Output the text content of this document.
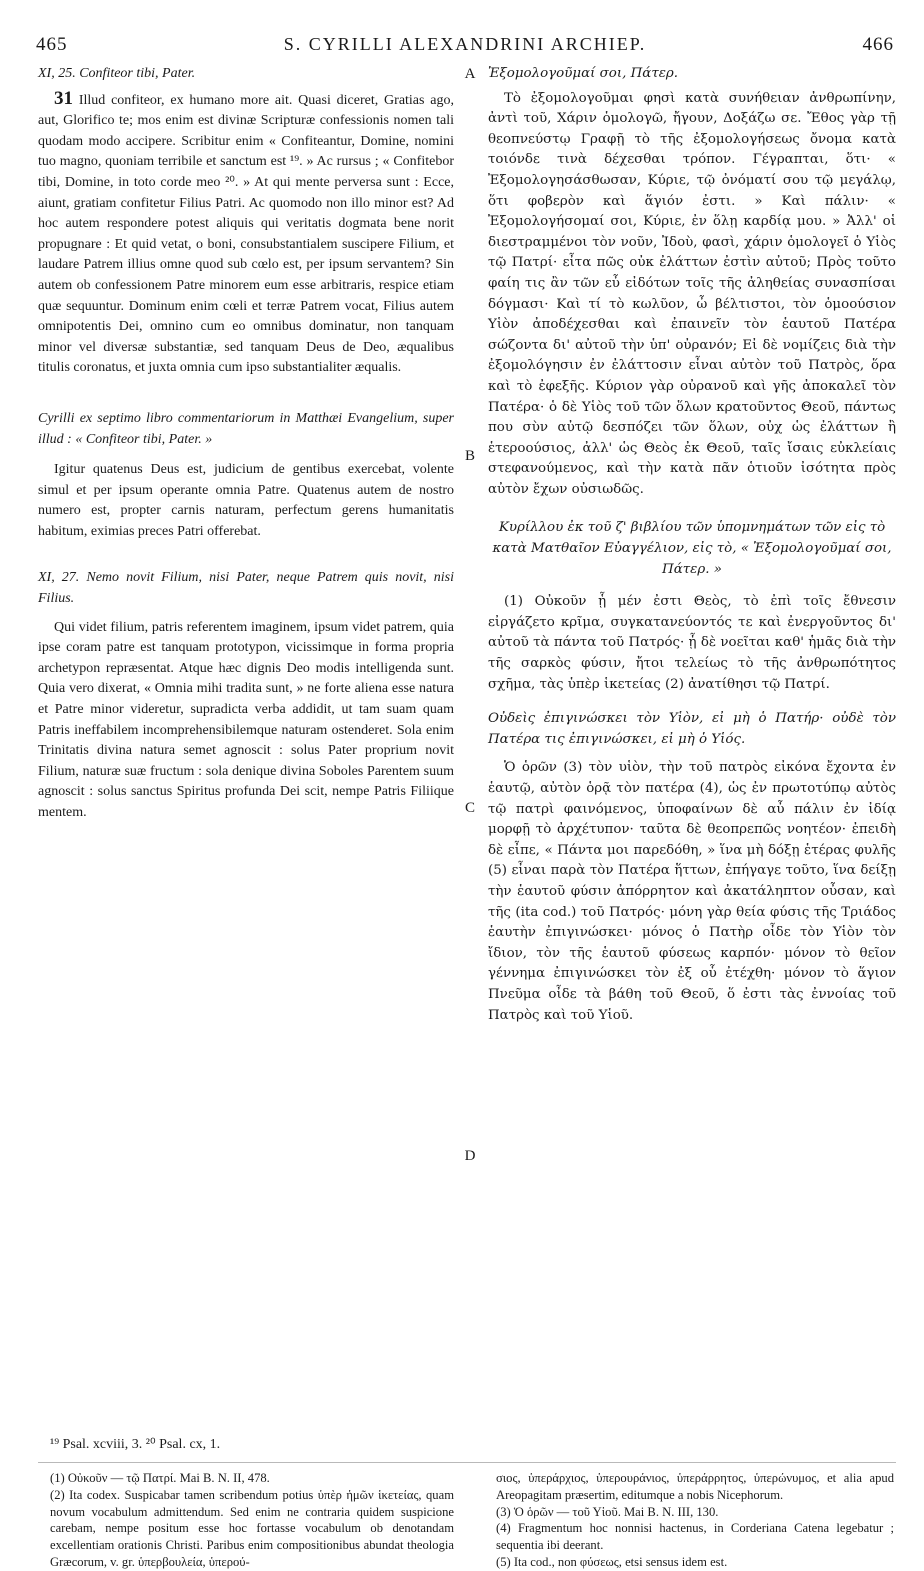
465	S. CYRILLI ALEXANDRINI ARCHIEP.	466

XI, 25. Confiteor tibi, Pater.

31 Illud confiteor, ex humano more ait. Quasi diceret, Gratias ago, aut, Glorifico te; mos enim est divinæ Scripturæ confessionis nomen tali quodam modo accipere. Scribitur enim « Confiteantur, Domine, nomini tuo magno, quoniam terribile et sanctum est ¹⁹. » Ac rursus ; « Confitebor tibi, Domine, in toto corde meo ²⁰. » At qui mente perversa sunt : Ecce, aiunt, gratiam confitetur Filius Patri. Ac quomodo non illo minor est? Ad hoc autem respondere potest aliquis qui veritatis dogmata bene norit propugnare : Et quid vetat, o boni, consubstantialem suscipere Filium, et laudare Patrem illius omne quod sub cœlo est, per ipsum servantem? Sin autem ob confessionem Patre minorem eum esse arbitraris, respice etiam quæ sequuntur. Dominum enim cœli et terræ Patrem vocat, Filius autem omnipotentis Dei, omnino cum eo omnibus dominatur, non tanquam minor vel diversæ substantiæ, sed tanquam Deus de Deo, æqualibus titulis coronatus, et juxta omnia cum ipso substantialiter æqualis.

Cyrilli ex septimo libro commentariorum in Matthæi Evangelium, super illud : « Confiteor tibi, Pater. »

Igitur quatenus Deus est, judicium de gentibus exercebat, volente simul et per ipsum operante omnia Patre. Quatenus autem de nostro numero est, propter carnis naturam, perfectum gerens humanitatis habitum, eximias preces Patri offerebat.

XI, 27. Nemo novit Filium, nisi Pater, neque Patrem quis novit, nisi Filius.

Qui videt filium, patris referentem imaginem, ipsum videt patrem, quia ipse coram patre est tanquam prototypon, vicissimque in forma propria archetypon repræsentat. Atque hæc dignis Deo modis intelligenda sunt. Quia vero dixerat, « Omnia mihi tradita sunt, » ne forte aliena esse natura et Patre minor videretur, supradicta verba addidit, ut tam suam quam Patris ineffabilem incomprehensibilemque naturam ostenderet. Sola enim Trinitatis divina natura semet agnoscit : solus Pater proprium novit Filium, naturæ suæ fructum : sola denique divina Soboles Parentem suum agnoscit : solus sanctus Spiritus profunda Dei scit, nempe Patris Filiique mentem.

A
B
C
D

Ἐξομολογοῦμαί σοι, Πάτερ.

Τὸ ἐξομολογοῦμαι φησὶ κατὰ συνήθειαν ἀνθρωπίνην, ἀντὶ τοῦ, Χάριν ὁμολογῶ, ἤγουν, Δοξάζω σε. Ἔθος γὰρ τῇ θεοπνεύστῳ Γραφῇ τὸ τῆς ἐξομολογήσεως ὄνομα κατὰ τοιόνδε τινὰ δέχεσθαι τρόπον. Γέγραπται, ὅτι· « Ἐξομολογησάσθωσαν, Κύριε, τῷ ὀνόματί σου τῷ μεγάλῳ, ὅτι φοβερὸν καὶ ἅγιόν ἐστι. » Καὶ πάλιν· « Ἐξομολογήσομαί σοι, Κύριε, ἐν ὅλῃ καρδίᾳ μου. » Ἀλλ' οἱ διεστραμμένοι τὸν νοῦν, Ἰδοὺ, φασὶ, χάριν ὁμολογεῖ ὁ Υἱὸς τῷ Πατρί· εἶτα πῶς οὐκ ἐλάττων ἐστὶν αὐτοῦ; Πρὸς τοῦτο φαίη τις ἂν τῶν εὖ εἰδότων τοῖς τῆς ἀληθείας συνασπίσαι δόγμασι· Καὶ τί τὸ κωλῦον, ὦ βέλτιστοι, τὸν ὁμοούσιον Υἱὸν ἀποδέχεσθαι καὶ ἐπαινεῖν τὸν ἑαυτοῦ Πατέρα σώζοντα δι' αὐτοῦ τὴν ὑπ' οὐρανόν; Εἰ δὲ νομίζεις διὰ τὴν ἐξομολόγησιν ἐν ἐλάττοσιν εἶναι αὐτὸν τοῦ Πατρὸς, ὅρα καὶ τὸ ἐφεξῆς. Κύριον γὰρ οὐρανοῦ καὶ γῆς ἀποκαλεῖ τὸν Πατέρα· ὁ δὲ Υἱὸς τοῦ τῶν ὅλων κρατοῦντος Θεοῦ, πάντως που σὺν αὐτῷ δεσπόζει τῶν ὅλων, οὐχ ὡς ἐλάττων ἢ ἑτεροούσιος, ἀλλ' ὡς Θεὸς ἐκ Θεοῦ, ταῖς ἴσαις εὐκλείαις στεφανούμενος, καὶ τὴν κατὰ πᾶν ὁτιοῦν ἰσότητα πρὸς αὐτὸν ἔχων οὐσιωδῶς.

Κυρίλλου ἐκ τοῦ ζ' βιβλίου τῶν ὑπομνημάτων τῶν εἰς τὸ κατὰ Ματθαῖον Εὐαγγέλιον, εἰς τὸ, « Ἐξομολογοῦμαί σοι, Πάτερ. »

(1) Οὐκοῦν ᾗ μέν ἐστι Θεὸς, τὸ ἐπὶ τοῖς ἔθνεσιν εἰργάζετο κρῖμα, συγκατανεύοντός τε καὶ ἐνεργοῦντος δι' αὐτοῦ τὰ πάντα τοῦ Πατρός· ᾗ δὲ νοεῖται καθ' ἡμᾶς διὰ τὴν τῆς σαρκὸς φύσιν, ἤτοι τελείως τὸ τῆς ἀνθρωπότητος σχῆμα, τὰς ὑπὲρ ἱκετείας (2) ἀνατίθησι τῷ Πατρί.

Οὐδεὶς ἐπιγινώσκει τὸν Υἱὸν, εἰ μὴ ὁ Πατήρ· οὐδὲ τὸν Πατέρα τις ἐπιγινώσκει, εἰ μὴ ὁ Υἱός.

Ὁ ὁρῶν (3) τὸν υἱὸν, τὴν τοῦ πατρὸς εἰκόνα ἔχοντα ἐν ἑαυτῷ, αὐτὸν ὁρᾷ τὸν πατέρα (4), ὡς ἐν πρωτοτύπῳ αὐτὸς τῷ πατρὶ φαινόμενος, ὑποφαίνων δὲ αὖ πάλιν ἐν ἰδίᾳ μορφῇ τὸ ἀρχέτυπον· ταῦτα δὲ θεοπρεπῶς νοητέον· ἐπειδὴ δὲ εἶπε, « Πάντα μοι παρεδόθη, » ἵνα μὴ δόξῃ ἑτέρας φυλῆς (5) εἶναι παρὰ τὸν Πατέρα ἥττων, ἐπήγαγε τοῦτο, ἵνα δείξῃ τὴν ἑαυτοῦ φύσιν ἀπόρρητον καὶ ἀκατάληπτον οὖσαν, καὶ τῆς (ita cod.) τοῦ Πατρός· μόνη γὰρ θεία φύσις τῆς Τριάδος ἑαυτὴν ἐπιγινώσκει· μόνος ὁ Πατὴρ οἶδε τὸν Υἱὸν τὸν ἴδιον, τὸν τῆς ἑαυτοῦ φύσεως καρπόν· μόνον τὸ θεῖον γέννημα ἐπιγινώσκει τὸν ἐξ οὗ ἐτέχθη· μόνον τὸ ἅγιον Πνεῦμα οἶδε τὰ βάθη τοῦ Θεοῦ, ὅ ἐστι τὰς ἐννοίας τοῦ Πατρὸς καὶ τοῦ Υἱοῦ.

¹⁹ Psal. xcviii, 3. ²⁰ Psal. cx, 1.

(1) Οὐκοῦν — τῷ Πατρί. Mai B. N. II, 478.

(2) Ita codex. Suspicabar tamen scribendum potius ὑπὲρ ἡμῶν ἱκετείας, quam novum vocabulum admittendum. Sed enim ne contraria quidem suspicione carebam, nempe positum esse hoc fortasse vocabulum ob denotandam excellentiam orationis Christi. Paribus enim compositionibus abundat theologia Græcorum, v. gr. ὑπερβουλεία, ὑπερού-

σιος, ὑπεράρχιος, ὑπερουράνιος, ὑπεράρρητος, ὑπερώνυμος, et alia apud Areopagitam præsertim, editumque a nobis Nicephorum.

(3) Ὁ ὁρῶν — τοῦ Υἱοῦ. Mai B. N. III, 130.

(4) Fragmentum hoc nonnisi hactenus, in Corderiana Catena legebatur ; sequentia ibi deerant.

(5) Ita cod., non φύσεως, etsi sensus idem est.
